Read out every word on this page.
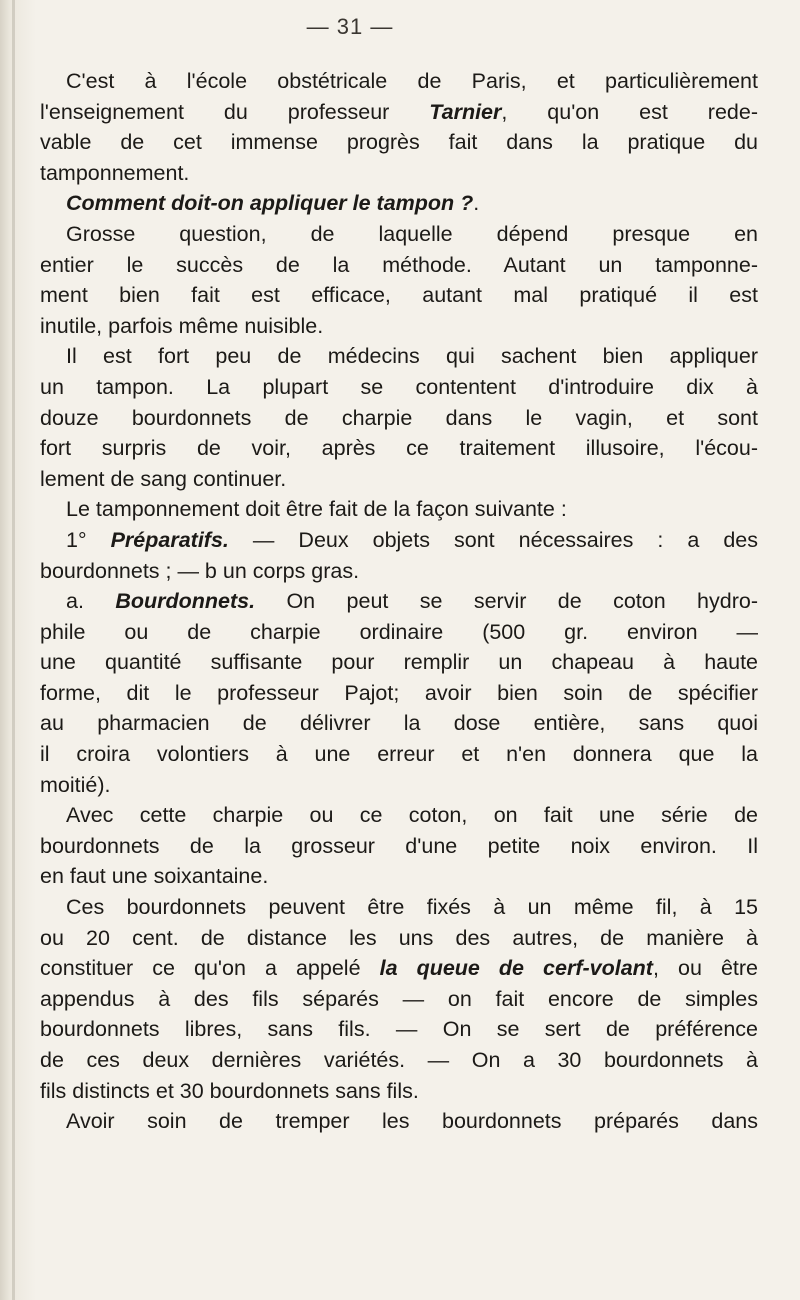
— 31 —
C'est à l'école obstétricale de Paris, et particulièrement
l'enseignement du professeur Tarnier, qu'on est rede-
vable de cet immense progrès fait dans la pratique du
tamponnement.
Comment doit-on appliquer le tampon ?.
Grosse question, de laquelle dépend presque en
entier le succès de la méthode. Autant un tamponne-
ment bien fait est efficace, autant mal pratiqué il est
inutile, parfois même nuisible.
Il est fort peu de médecins qui sachent bien appliquer
un tampon. La plupart se contentent d'introduire dix à
douze bourdonnets de charpie dans le vagin, et sont
fort surpris de voir, après ce traitement illusoire, l'écou-
lement de sang continuer.
Le tamponnement doit être fait de la façon suivante :
1° Préparatifs. — Deux objets sont nécessaires : a des
bourdonnets ; — b un corps gras.
a. Bourdonnets. On peut se servir de coton hydro-
phile ou de charpie ordinaire (500 gr. environ —
une quantité suffisante pour remplir un chapeau à haute
forme, dit le professeur Pajot; avoir bien soin de spécifier
au pharmacien de délivrer la dose entière, sans quoi
il croira volontiers à une erreur et n'en donnera que la
moitié).
Avec cette charpie ou ce coton, on fait une série de
bourdonnets de la grosseur d'une petite noix environ. Il
en faut une soixantaine.
Ces bourdonnets peuvent être fixés à un même fil, à 15
ou 20 cent. de distance les uns des autres, de manière à
constituer ce qu'on a appelé la queue de cerf-volant, ou être
appendus à des fils séparés — on fait encore de simples
bourdonnets libres, sans fils. — On se sert de préférence
de ces deux dernières variétés. — On a 30 bourdonnets à
fils distincts et 30 bourdonnets sans fils.
Avoir soin de tremper les bourdonnets préparés dans
